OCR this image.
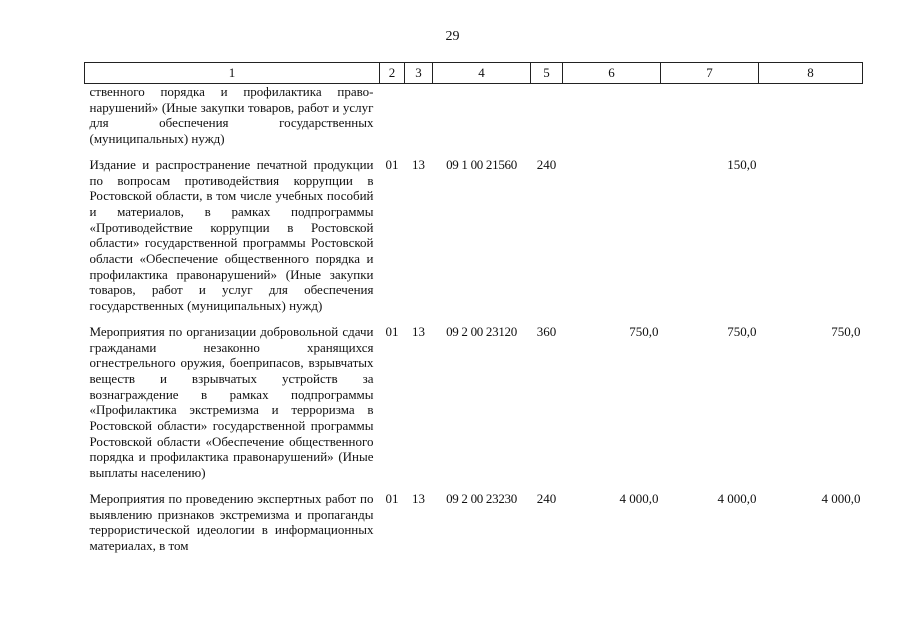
29
1	2	3	4	5	6	7	8
ственного порядка и профилактика правонарушений» (Иные закупки товаров, работ и услуг для обеспечения государственных (муниципальных) нужд)							
Издание и распространение печатной продукции по вопросам противодействия коррупции в Ростовской области, в том числе учебных пособий и материалов, в рамках подпрограммы «Противодействие коррупции в Ростовской области» государственной программы Ростовской области «Обеспечение общественного порядка и профилактика правонарушений» (Иные закупки товаров, работ и услуг для обеспечения государственных (муниципальных) нужд)	01	13	09 1 00 21560	240		150,0	
Мероприятия по организации добровольной сдачи гражданами незаконно хранящихся огнестрельного оружия, боеприпасов, взрывчатых веществ и взрывчатых устройств за вознаграждение в рамках подпрограммы «Профилактика экстремизма и терроризма в Ростовской области» государственной программы Ростовской области «Обеспечение общественного порядка и профилактика правонарушений» (Иные выплаты населению)	01	13	09 2 00 23120	360	750,0	750,0	750,0
Мероприятия по проведению экспертных работ по выявлению признаков экстремизма и пропаганды террористической идеологии в информационных материалах, в том	01	13	09 2 00 23230	240	4 000,0	4 000,0	4 000,0
